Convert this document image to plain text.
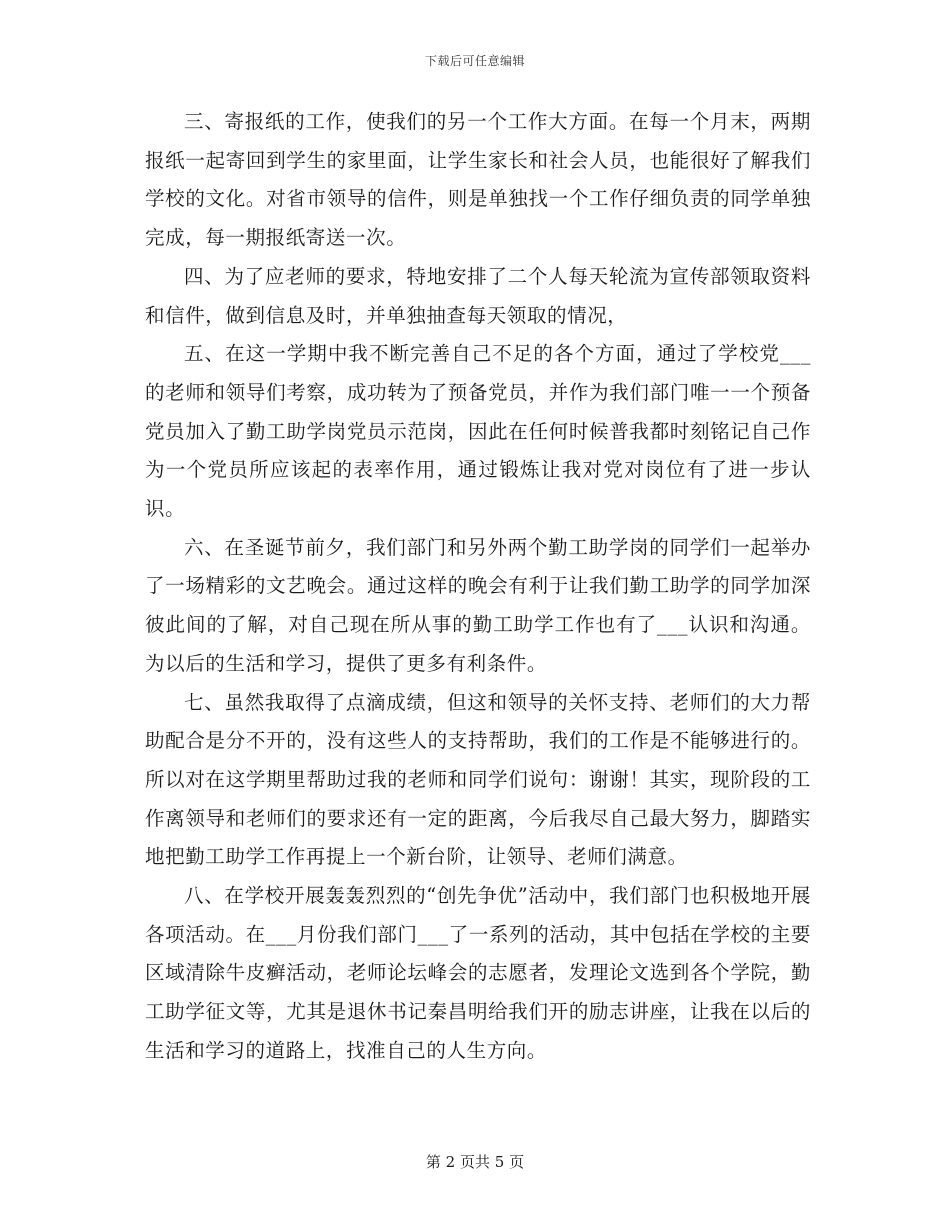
下载后可任意编辑

三、寄报纸的工作，使我们的另一个工作大方面。在每一个月末，两期报纸一起寄回到学生的家里面，让学生家长和社会人员，也能很好了解我们学校的文化。对省市领导的信件，则是单独找一个工作仔细负责的同学单独完成，每一期报纸寄送一次。

四、为了应老师的要求，特地安排了二个人每天轮流为宣传部领取资料和信件，做到信息及时，并单独抽查每天领取的情况，

五、在这一学期中我不断完善自己不足的各个方面，通过了学校党___的老师和领导们考察，成功转为了预备党员，并作为我们部门唯一一个预备党员加入了勤工助学岗党员示范岗，因此在任何时候普我都时刻铭记自己作为一个党员所应该起的表率作用，通过锻炼让我对党对岗位有了进一步认识。

六、在圣诞节前夕，我们部门和另外两个勤工助学岗的同学们一起举办了一场精彩的文艺晚会。通过这样的晚会有利于让我们勤工助学的同学加深彼此间的了解，对自己现在所从事的勤工助学工作也有了___认识和沟通。为以后的生活和学习，提供了更多有利条件。

七、虽然我取得了点滴成绩，但这和领导的关怀支持、老师们的大力帮助配合是分不开的，没有这些人的支持帮助，我们的工作是不能够进行的。所以对在这学期里帮助过我的老师和同学们说句：谢谢！其实，现阶段的工作离领导和老师们的要求还有一定的距离，今后我尽自己最大努力，脚踏实地把勤工助学工作再提上一个新台阶，让领导、老师们满意。

八、在学校开展轰轰烈烈的“创先争优”活动中，我们部门也积极地开展各项活动。在___月份我们部门___了一系列的活动，其中包括在学校的主要区域清除牛皮癣活动，老师论坛峰会的志愿者，发理论文选到各个学院，勤工助学征文等，尤其是退休书记秦昌明给我们开的励志讲座，让我在以后的生活和学习的道路上，找准自己的人生方向。

第 2 页共 5 页
